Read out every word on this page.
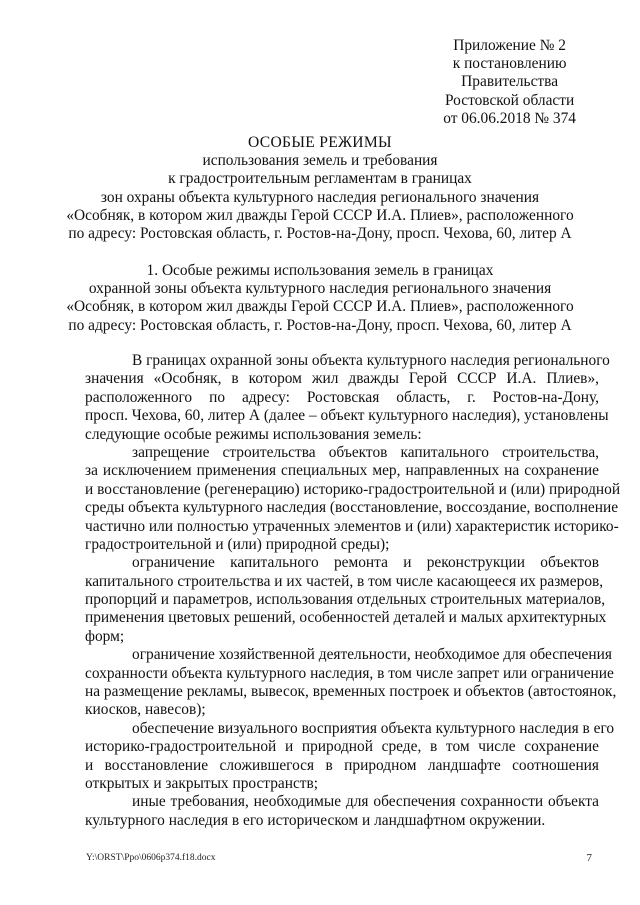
Приложение № 2
к постановлению
Правительства
Ростовской области
от 06.06.2018 № 374
ОСОБЫЕ РЕЖИМЫ
использования земель и требования
к градостроительным регламентам в границах
зон охраны объекта культурного наследия регионального значения
«Особняк, в котором жил дважды Герой СССР И.А. Плиев», расположенного
по адресу: Ростовская область, г. Ростов-на-Дону, просп. Чехова, 60, литер А
1. Особые режимы использования земель в границах
охранной зоны объекта культурного наследия регионального значения
«Особняк, в котором жил дважды Герой СССР И.А. Плиев», расположенного
по адресу: Ростовская область, г. Ростов-на-Дону, просп. Чехова, 60, литер А
В границах охранной зоны объекта культурного наследия регионального
значения «Особняк, в котором жил дважды Герой СССР И.А. Плиев»,
расположенного по адресу: Ростовская область, г. Ростов-на-Дону,
просп. Чехова, 60, литер А (далее – объект культурного наследия), установлены
следующие особые режимы использования земель:
запрещение строительства объектов капитального строительства,
за исключением применения специальных мер, направленных на сохранение
и восстановление (регенерацию) историко-градостроительной и (или) природной
среды объекта культурного наследия (восстановление, воссоздание, восполнение
частично или полностью утраченных элементов и (или) характеристик историко-
градостроительной и (или) природной среды);
ограничение капитального ремонта и реконструкции объектов
капитального строительства и их частей, в том числе касающееся их размеров,
пропорций и параметров, использования отдельных строительных материалов,
применения цветовых решений, особенностей деталей и малых архитектурных
форм;
ограничение хозяйственной деятельности, необходимое для обеспечения
сохранности объекта культурного наследия, в том числе запрет или ограничение
на размещение рекламы, вывесок, временных построек и объектов (автостоянок,
киосков, навесов);
обеспечение визуального восприятия объекта культурного наследия в его
историко-градостроительной и природной среде, в том числе сохранение
и восстановление сложившегося в природном ландшафте соотношения
открытых и закрытых пространств;
иные требования, необходимые для обеспечения сохранности объекта
культурного наследия в его историческом и ландшафтном окружении.
Y:\ORST\Ppo\0606p374.f18.docx	7
